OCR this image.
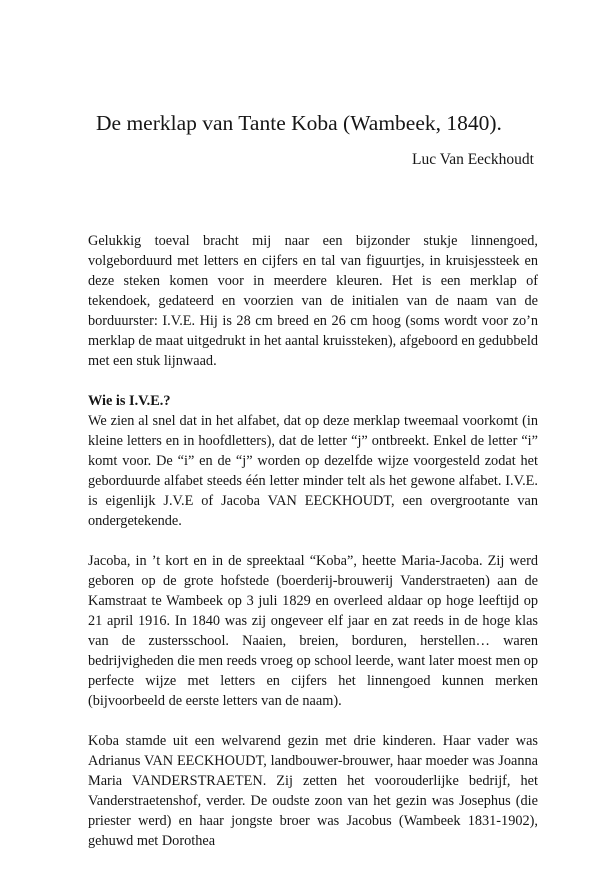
De merklap van Tante Koba (Wambeek, 1840).
Luc Van Eeckhoudt

Gelukkig toeval bracht mij naar een bijzonder stukje linnengoed, volgeborduurd met letters en cijfers en tal van figuurtjes, in kruisjessteek en deze steken komen voor in meerdere kleuren. Het is een merklap of tekendoek, gedateerd en voorzien van de initialen van de naam van de borduurster: I.V.E. Hij is 28 cm breed en 26 cm hoog (soms wordt voor zo’n merklap de maat uitgedrukt in het aantal kruissteken), afgeboord en gedubbeld met een stuk lijnwaad.

Wie is I.V.E.?
We zien al snel dat in het alfabet, dat op deze merklap tweemaal voorkomt (in kleine letters en in hoofdletters), dat de letter “j” ontbreekt. Enkel de letter “i” komt voor. De “i” en de “j” worden op dezelfde wijze voorgesteld zodat het geborduurde alfabet steeds één letter minder telt als het gewone alfabet. I.V.E. is eigenlijk J.V.E of Jacoba VAN EECKHOUDT, een overgrootante van ondergetekende.

Jacoba, in ’t kort en in de spreektaal “Koba”, heette Maria-Jacoba. Zij werd geboren op de grote hofstede (boerderij-brouwerij Vanderstraeten) aan de Kamstraat te Wambeek op 3 juli 1829 en overleed aldaar op hoge leeftijd op 21 april 1916. In 1840 was zij ongeveer elf jaar en zat reeds in de hoge klas van de zustersschool. Naaien, breien, borduren, herstellen… waren bedrijvigheden die men reeds vroeg op school leerde, want later moest men op perfecte wijze met letters en cijfers het linnengoed kunnen merken (bijvoorbeeld de eerste letters van de naam).

Koba stamde uit een welvarend gezin met drie kinderen. Haar vader was Adrianus VAN EECKHOUDT, landbouwer-brouwer, haar moeder was Joanna Maria VANDERSTRAETEN. Zij zetten het voorouderlijke bedrijf, het Vanderstraetenshof, verder. De oudste zoon van het gezin was Josephus (die priester werd) en haar jongste broer was Jacobus (Wambeek 1831-1902), gehuwd met Dorothea
